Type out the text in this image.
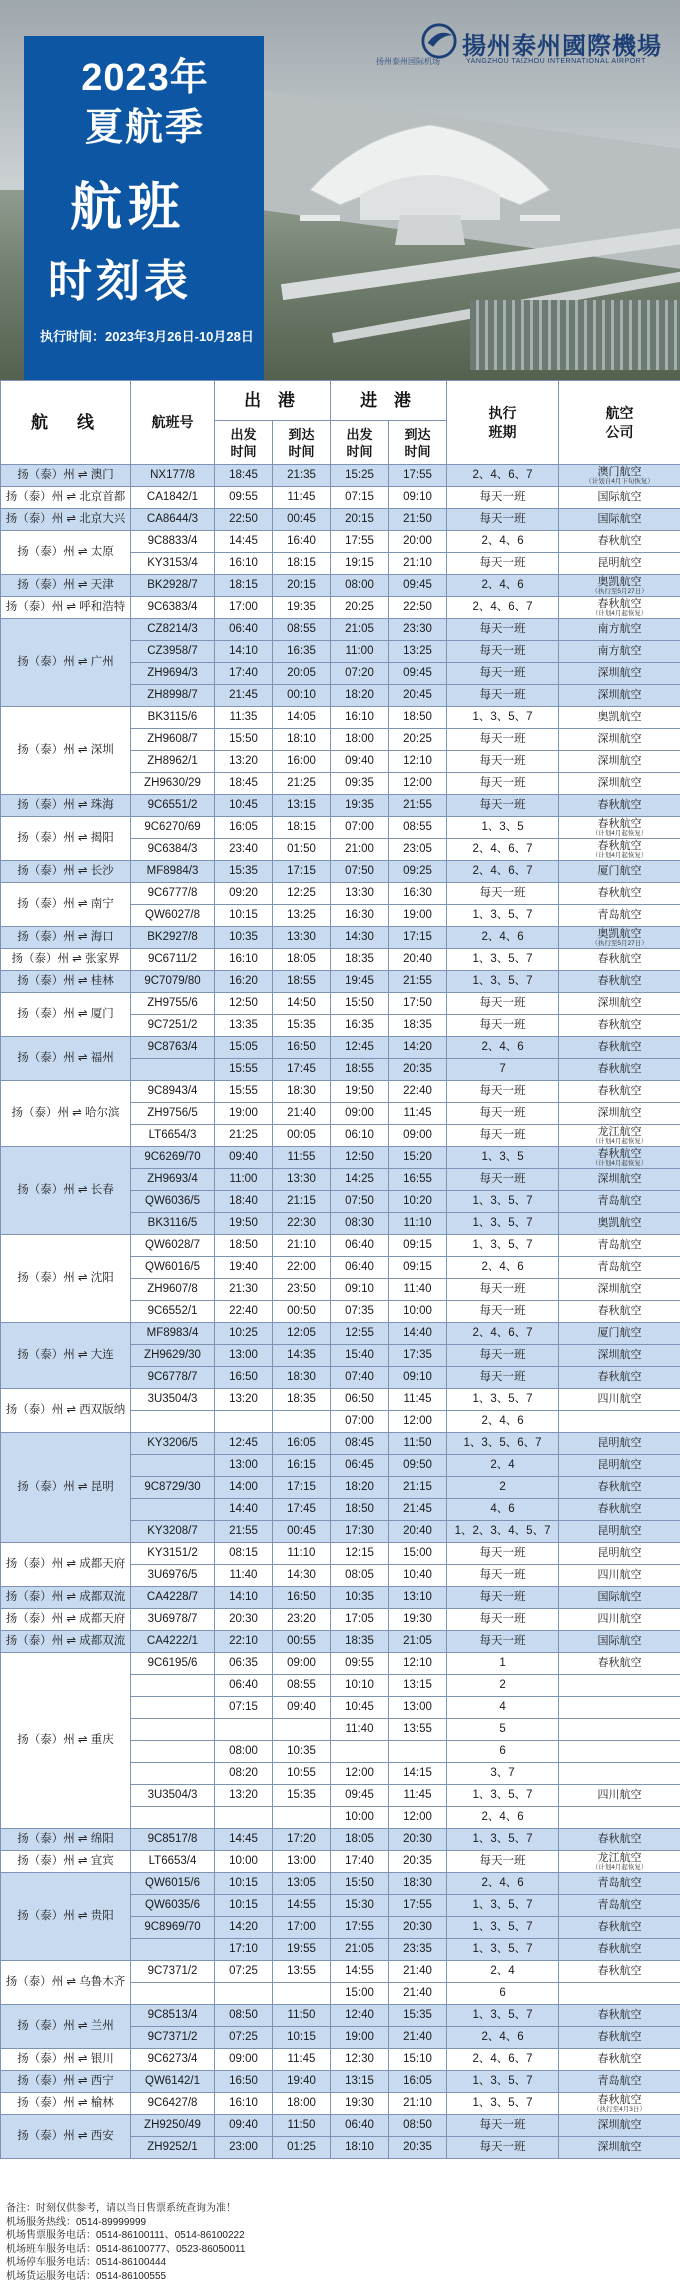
2023年
夏航季
航班
时刻表
执行时间：2023年3月26日-10月28日
揚州泰州國際機場
YANGZHOU TAIZHOU INTERNATIONAL AIRPORT
扬州泰州国际机场
航　线	航班号	出 港		进 港		执行班期	航空公司
		出发时间	到达时间	出发时间	到达时间		
扬（泰）州 ⇌ 澳门	NX177/8	18:45	21:35	15:25	17:55	2、4、6、7	澳门航空
（计划自4月下旬恢复）

扬（泰）州 ⇌ 北京首都	CA1842/1	09:55	11:45	07:15	09:10	每天一班	国际航空
扬（泰）州 ⇌ 北京大兴	CA8644/3	22:50	00:45	20:15	21:50	每天一班	国际航空
扬（泰）州 ⇌ 太原	9C8833/4	14:45	16:40	17:55	20:00	2、4、6	春秋航空
	KY3153/4	16:10	18:15	19:15	21:10	每天一班	昆明航空
扬（泰）州 ⇌ 天津	BK2928/7	18:15	20:15	08:00	09:45	2、4、6	奥凯航空
（执行至5月27日）

扬（泰）州 ⇌ 呼和浩特	9C6383/4	17:00	19:35	20:25	22:50	2、4、6、7	春秋航空
（计划4月起恢复）

扬（泰）州 ⇌ 广州	CZ8214/3	06:40	08:55	21:05	23:30	每天一班	南方航空
	CZ3958/7	14:10	16:35	11:00	13:25	每天一班	南方航空
	ZH9694/3	17:40	20:05	07:20	09:45	每天一班	深圳航空
	ZH8998/7	21:45	00:10	18:20	20:45	每天一班	深圳航空
扬（泰）州 ⇌ 深圳	BK3115/6	11:35	14:05	16:10	18:50	1、3、5、7	奥凯航空
	ZH9608/7	15:50	18:10	18:00	20:25	每天一班	深圳航空
	ZH8962/1	13:20	16:00	09:40	12:10	每天一班	深圳航空
	ZH9630/29	18:45	21:25	09:35	12:00	每天一班	深圳航空
扬（泰）州 ⇌ 珠海	9C6551/2	10:45	13:15	19:35	21:55	每天一班	春秋航空
扬（泰）州 ⇌ 揭阳	9C6270/69	16:05	18:15	07:00	08:55	1、3、5	春秋航空
（计划4月起恢复）

	9C6384/3	23:40	01:50	21:00	23:05	2、4、6、7	春秋航空
（计划4月起恢复）

扬（泰）州 ⇌ 长沙	MF8984/3	15:35	17:15	07:50	09:25	2、4、6、7	厦门航空
扬（泰）州 ⇌ 南宁	9C6777/8	09:20	12:25	13:30	16:30	每天一班	春秋航空
	QW6027/8	10:15	13:25	16:30	19:00	1、3、5、7	青岛航空
扬（泰）州 ⇌ 海口	BK2927/8	10:35	13:30	14:30	17:15	2、4、6	奥凯航空
（执行至5月27日）

扬（泰）州 ⇌ 张家界	9C6711/2	16:10	18:05	18:35	20:40	1、3、5、7	春秋航空
扬（泰）州 ⇌ 桂林	9C7079/80	16:20	18:55	19:45	21:55	1、3、5、7	春秋航空
扬（泰）州 ⇌ 厦门	ZH9755/6	12:50	14:50	15:50	17:50	每天一班	深圳航空
	9C7251/2	13:35	15:35	16:35	18:35	每天一班	春秋航空
扬（泰）州 ⇌ 福州	9C8763/4	15:05	16:50	12:45	14:20	2、4、6	春秋航空
		15:55	17:45	18:55	20:35	7	春秋航空
扬（泰）州 ⇌ 哈尔滨	9C8943/4	15:55	18:30	19:50	22:40	每天一班	春秋航空
	ZH9756/5	19:00	21:40	09:00	11:45	每天一班	深圳航空
	LT6654/3	21:25	00:05	06:10	09:00	每天一班	龙江航空
（计划4月起恢复）

扬（泰）州 ⇌ 长春	9C6269/70	09:40	11:55	12:50	15:20	1、3、5	春秋航空
（计划4月起恢复）

	ZH9693/4	11:00	13:30	14:25	16:55	每天一班	深圳航空
	QW6036/5	18:40	21:15	07:50	10:20	1、3、5、7	青岛航空
	BK3116/5	19:50	22:30	08:30	11:10	1、3、5、7	奥凯航空
扬（泰）州 ⇌ 沈阳	QW6028/7	18:50	21:10	06:40	09:15	1、3、5、7	青岛航空
	QW6016/5	19:40	22:00	06:40	09:15	2、4、6	青岛航空
	ZH9607/8	21:30	23:50	09:10	11:40	每天一班	深圳航空
	9C6552/1	22:40	00:50	07:35	10:00	每天一班	春秋航空
扬（泰）州 ⇌ 大连	MF8983/4	10:25	12:05	12:55	14:40	2、4、6、7	厦门航空
	ZH9629/30	13:00	14:35	15:40	17:35	每天一班	深圳航空
	9C6778/7	16:50	18:30	07:40	09:10	每天一班	春秋航空
扬（泰）州 ⇌ 西双版纳	3U3504/3	13:20	18:35	06:50	11:45	1、3、5、7	四川航空
				07:00	12:00	2、4、6	
扬（泰）州 ⇌ 昆明	KY3206/5	12:45	16:05	08:45	11:50	1、3、5、6、7	昆明航空
		13:00	16:15	06:45	09:50	2、4	昆明航空
	9C8729/30	14:00	17:15	18:20	21:15	2	春秋航空
		14:40	17:45	18:50	21:45	4、6	春秋航空
	KY3208/7	21:55	00:45	17:30	20:40	1、2、3、4、5、7	昆明航空
扬（泰）州 ⇌ 成都天府	KY3151/2	08:15	11:10	12:15	15:00	每天一班	昆明航空
	3U6976/5	11:40	14:30	08:05	10:40	每天一班	四川航空
扬（泰）州 ⇌ 成都双流	CA4228/7	14:10	16:50	10:35	13:10	每天一班	国际航空
扬（泰）州 ⇌ 成都天府	3U6978/7	20:30	23:20	17:05	19:30	每天一班	四川航空
扬（泰）州 ⇌ 成都双流	CA4222/1	22:10	00:55	18:35	21:05	每天一班	国际航空
扬（泰）州 ⇌ 重庆	9C6195/6	06:35	09:00	09:55	12:10	1	春秋航空
		06:40	08:55	10:10	13:15	2	
		07:15	09:40	10:45	13:00	4	
				11:40	13:55	5	
		08:00	10:35			6	
		08:20	10:55	12:00	14:15	3、7	
	3U3504/3	13:20	15:35	09:45	11:45	1、3、5、7	四川航空
				10:00	12:00	2、4、6	
扬（泰）州 ⇌ 绵阳	9C8517/8	14:45	17:20	18:05	20:30	1、3、5、7	春秋航空
扬（泰）州 ⇌ 宜宾	LT6653/4	10:00	13:00	17:40	20:35	每天一班	龙江航空
（计划4月起恢复）

扬（泰）州 ⇌ 贵阳	QW6015/6	10:15	13:05	15:50	18:30	2、4、6	青岛航空
	QW6035/6	10:15	14:55	15:30	17:55	1、3、5、7	青岛航空
	9C8969/70	14:20	17:00	17:55	20:30	1、3、5、7	春秋航空
		17:10	19:55	21:05	23:35	1、3、5、7	春秋航空
扬（泰）州 ⇌ 乌鲁木齐	9C7371/2	07:25	13:55	14:55	21:40	2、4	春秋航空
				15:00	21:40	6	
扬（泰）州 ⇌ 兰州	9C8513/4	08:50	11:50	12:40	15:35	1、3、5、7	春秋航空
	9C7371/2	07:25	10:15	19:00	21:40	2、4、6	春秋航空
扬（泰）州 ⇌ 银川	9C6273/4	09:00	11:45	12:30	15:10	2、4、6、7	春秋航空
扬（泰）州 ⇌ 西宁	QW6142/1	16:50	19:40	13:15	16:05	1、3、5、7	青岛航空
扬（泰）州 ⇌ 榆林	9C6427/8	16:10	18:00	19:30	21:10	1、3、5、7	春秋航空
（执行至4月3日）

扬（泰）州 ⇌ 西安	ZH9250/49	09:40	11:50	06:40	08:50	每天一班	深圳航空
	ZH9252/1	23:00	01:25	18:10	20:35	每天一班	深圳航空

备注：时刻仅供参考，请以当日售票系统查询为准！

机场服务热线：0514-89999999

机场售票服务电话：0514-86100111、0514-86100222

机场班车服务电话：0514-86100777、0523-86050011

机场停车服务电话：0514-86100444

机场货运服务电话：0514-86100555
